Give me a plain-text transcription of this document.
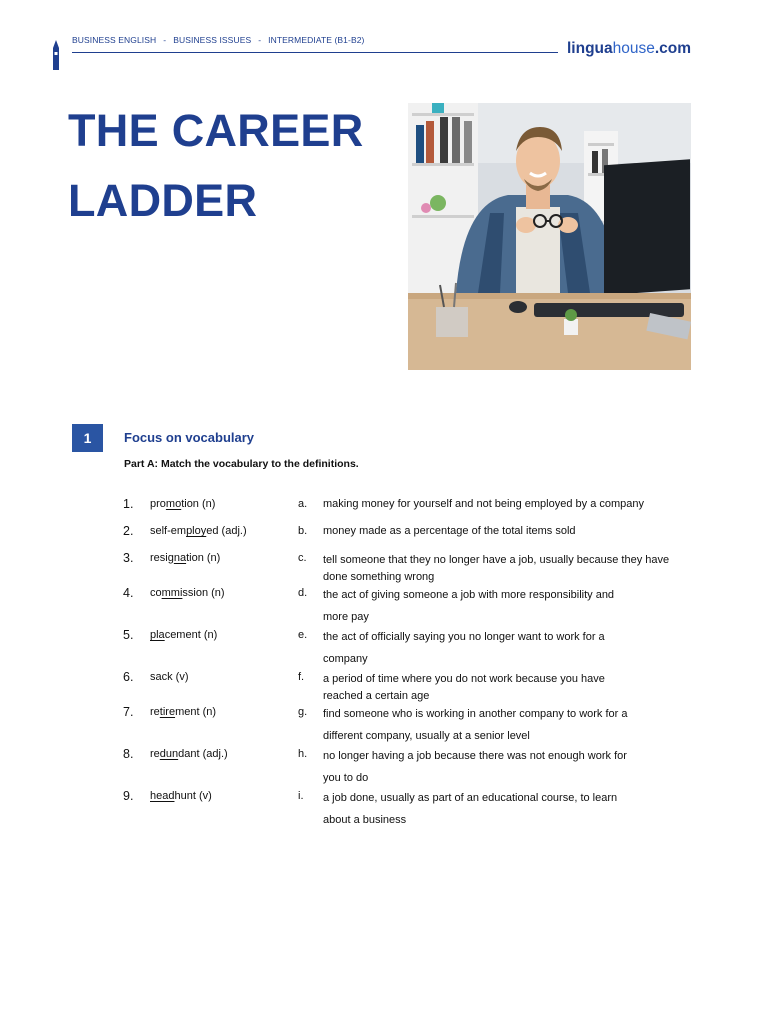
BUSINESS ENGLISH - BUSINESS ISSUES - INTERMEDIATE (B1-B2)	linguahouse.com
THE CAREER
LADDER
1	Focus on vocabulary
Part A: Match the vocabulary to the definitions.
1. promotion (n)
2. self-employed (adj.)
3. resignation (n)
4. commission (n)
5. placement (n)
6. sack (v)
7. retirement (n)
8. redundant (adj.)
9. headhunt (v)
a. making money for yourself and not being employed by a company
b. money made as a percentage of the total items sold
c. tell someone that they no longer have a job, usually because they have
done something wrong
d. the act of giving someone a job with more responsibility and
more pay
e. the act of officially saying you no longer want to work for a
company
f. a period of time where you do not work because you have
reached a certain age
g. find someone who is working in another company to work for a
different company, usually at a senior level
h. no longer having a job because there was not enough work for
you to do
i. a job done, usually as part of an educational course, to learn
about a business
